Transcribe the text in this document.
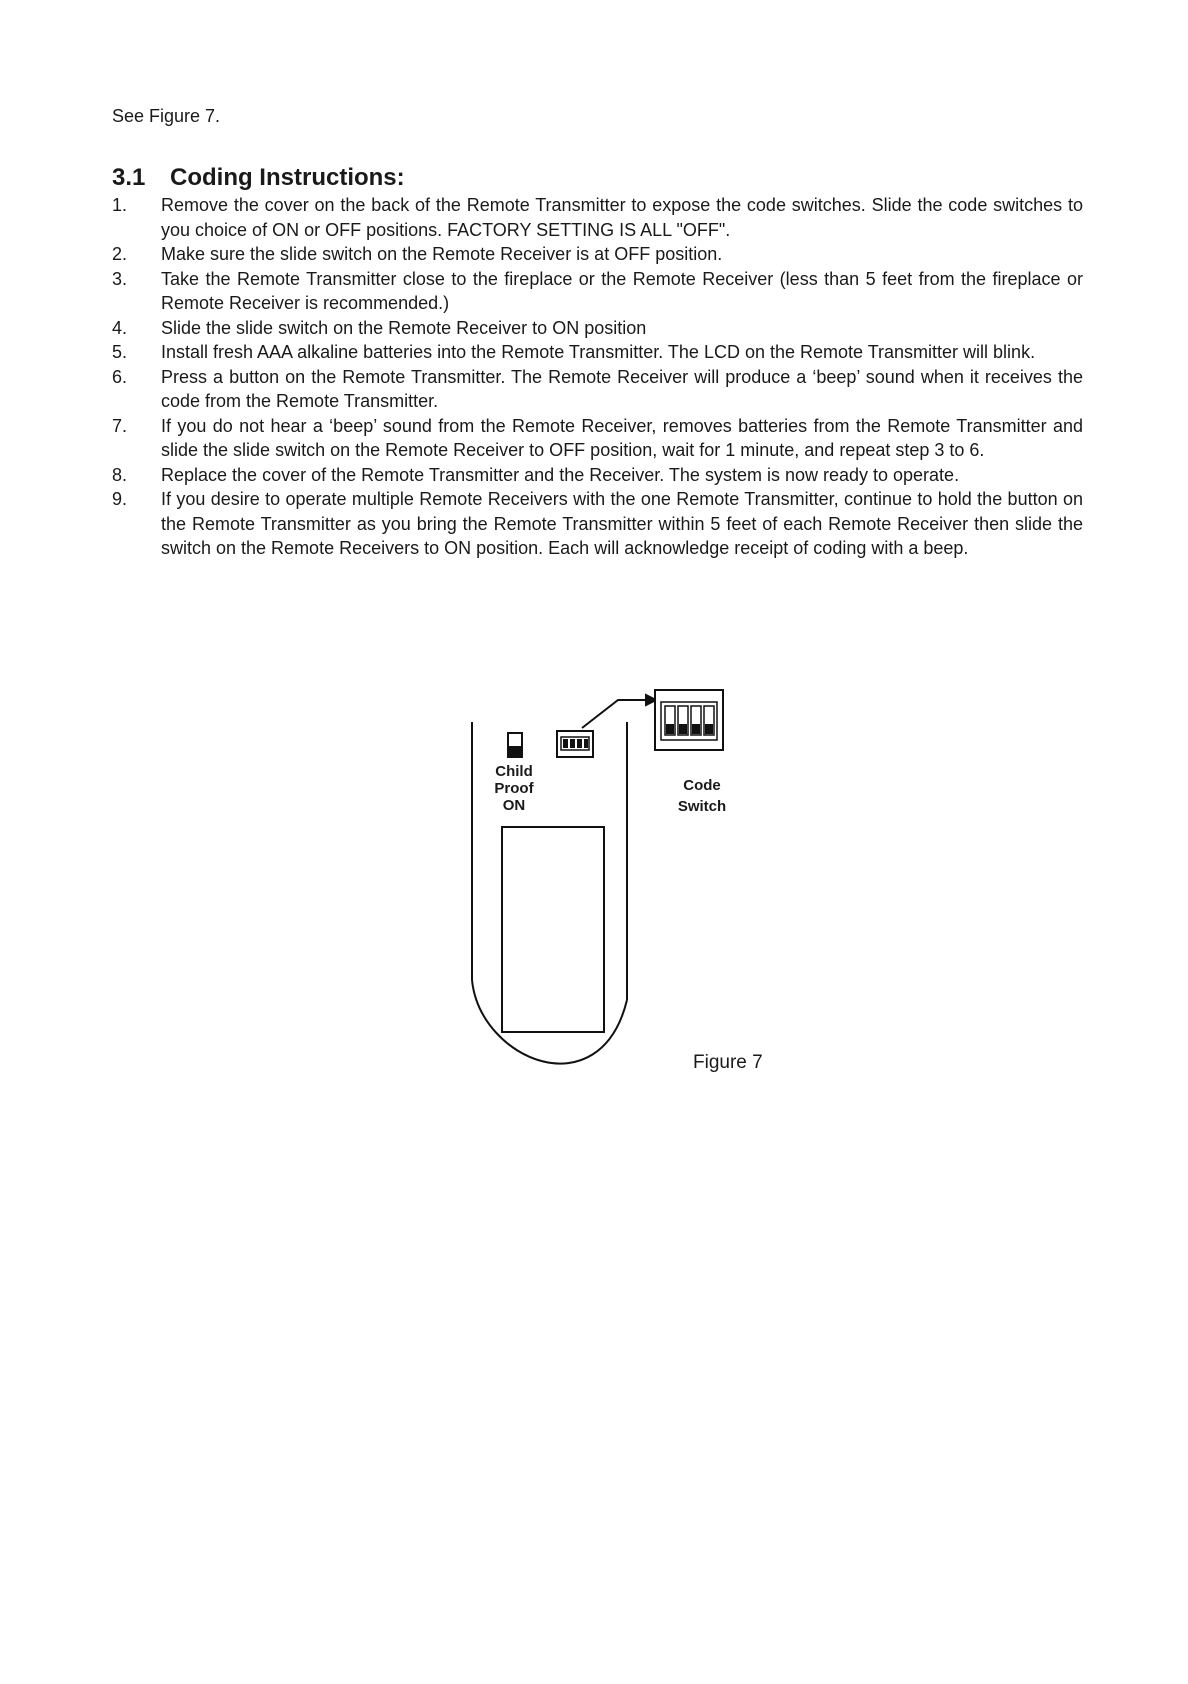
See Figure 7.
3.1 Coding Instructions:
1.	Remove the cover on the back of the Remote Transmitter to expose the code switches. Slide the code switches to you choice of ON or OFF positions. FACTORY SETTING IS ALL "OFF".
2.	Make sure the slide switch on the Remote Receiver is at OFF position.
3.	Take the Remote Transmitter close to the fireplace or the Remote Receiver (less than 5 feet from the fireplace or Remote Receiver is recommended.)
4.	Slide the slide switch on the Remote Receiver to ON position
5.	Install fresh AAA alkaline batteries into the Remote Transmitter. The LCD on the Remote Transmitter will blink.
6.	Press a button on the Remote Transmitter. The Remote Receiver will produce a ‘beep’ sound when it receives the code from the Remote Transmitter.
7.	If you do not hear a ‘beep’ sound from the Remote Receiver, removes batteries from the Remote Transmitter and slide the slide switch on the Remote Receiver to OFF position, wait for 1 minute, and repeat step 3 to 6.
8.	Replace the cover of the Remote Transmitter and the Receiver. The system is now ready to operate.
9.	If you desire to operate multiple Remote Receivers with the one Remote Transmitter, continue to hold the button on the Remote Transmitter as you bring the Remote Transmitter within 5 feet of each Remote Receiver then slide the switch on the Remote Receivers to ON position. Each will acknowledge receipt of coding with a beep.
Child
Proof
ON
Code
Switch
Figure 7
